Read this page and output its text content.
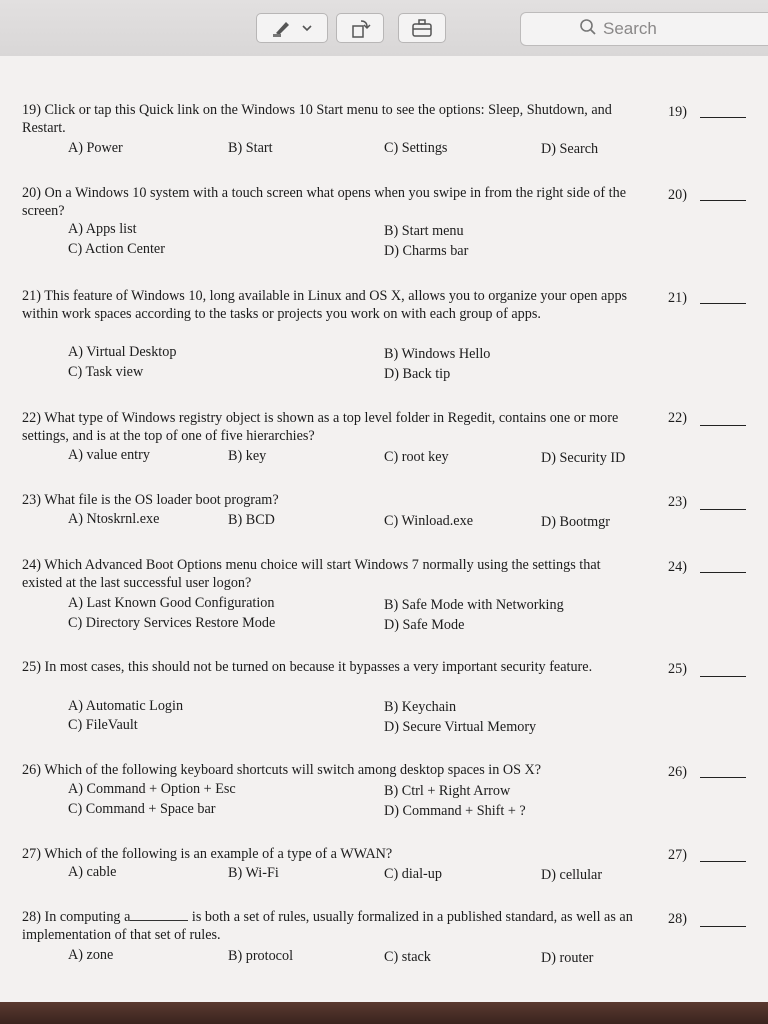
Search
19) Click or tap this Quick link on the Windows 10 Start menu to see the options: Sleep, Shutdown, and Restart.
19)
A) Power	B) Start	C) Settings	D) Search
20) On a Windows 10 system with a touch screen what opens when you swipe in from the right side of the screen?
20)
A) Apps list	B) Start menu
C) Action Center	D) Charms bar
21) This feature of Windows 10, long available in Linux and OS X, allows you to organize your open apps within work spaces according to the tasks or projects you work on with each group of apps.
21)
A) Virtual Desktop	B) Windows Hello
C) Task view	D) Back tip
22) What type of Windows registry object is shown as a top level folder in Regedit, contains one or more settings, and is at the top of one of five hierarchies?
22)
A) value entry	B) key	C) root key	D) Security ID
23) What file is the OS loader boot program?	23)
A) Ntoskrnl.exe	B) BCD	C) Winload.exe	D) Bootmgr
24) Which Advanced Boot Options menu choice will start Windows 7 normally using the settings that existed at the last successful user logon?
24)
A) Last Known Good Configuration	B) Safe Mode with Networking
C) Directory Services Restore Mode	D) Safe Mode
25) In most cases, this should not be turned on because it bypasses a very important security feature.	25)
A) Automatic Login	B) Keychain
C) FileVault	D) Secure Virtual Memory
26) Which of the following keyboard shortcuts will switch among desktop spaces in OS X?	26)
A) Command + Option + Esc	B) Ctrl + Right Arrow
C) Command + Space bar	D) Command + Shift + ?
27) Which of the following is an example of a type of a WWAN?	27)
A) cable	B) Wi-Fi	C) dial-up	D) cellular
28) In computing a	is both a set of rules, usually formalized in a published standard, as well as an implementation of that set of rules.
28)
A) zone	B) protocol	C) stack	D) router
